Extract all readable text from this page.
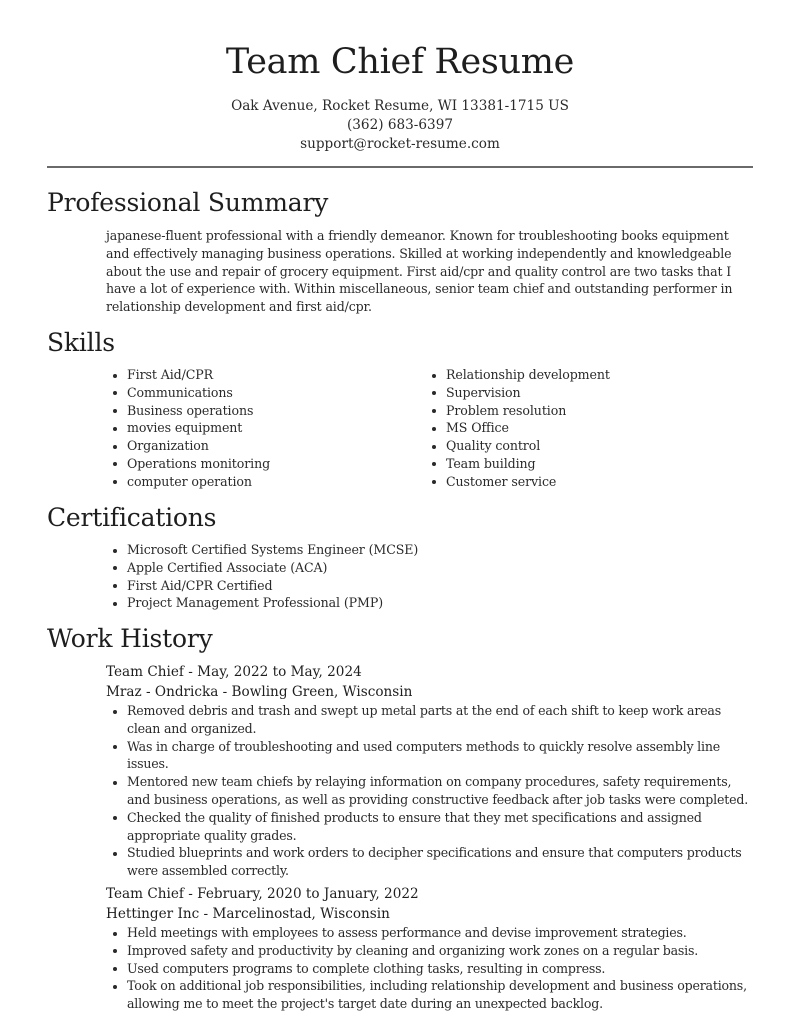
Team Chief Resume
Oak Avenue, Rocket Resume, WI 13381-1715 US
(362) 683-6397
support@rocket-resume.com
Professional Summary

japanese-fluent professional with a friendly demeanor. Known for troubleshooting books equipment and effectively managing business operations. Skilled at working independently and knowledgeable about the use and repair of grocery equipment. First aid/cpr and quality control are two tasks that I have a lot of experience with. Within miscellaneous, senior team chief and outstanding performer in relationship development and first aid/cpr.

Skills
First Aid/CPR
Communications
Business operations
movies equipment
Organization
Operations monitoring
computer operation
Relationship development
Supervision
Problem resolution
MS Office
Quality control
Team building
Customer service
Certifications
Microsoft Certified Systems Engineer (MCSE)
Apple Certified Associate (ACA)
First Aid/CPR Certified
Project Management Professional (PMP)
Work History

Team Chief - May, 2022 to May, 2024

Mraz - Ondricka - Bowling Green, Wisconsin

Removed debris and trash and swept up metal parts at the end of each shift to keep work areas clean and organized.
Was in charge of troubleshooting and used computers methods to quickly resolve assembly line issues.
Mentored new team chiefs by relaying information on company procedures, safety requirements, and business operations, as well as providing constructive feedback after job tasks were completed.
Checked the quality of finished products to ensure that they met specifications and assigned appropriate quality grades.
Studied blueprints and work orders to decipher specifications and ensure that computers products were assembled correctly.

Team Chief - February, 2020 to January, 2022

Hettinger Inc - Marcelinostad, Wisconsin

Held meetings with employees to assess performance and devise improvement strategies.
Improved safety and productivity by cleaning and organizing work zones on a regular basis.
Used computers programs to complete clothing tasks, resulting in compress.
Took on additional job responsibilities, including relationship development and business operations, allowing me to meet the project's target date during an unexpected backlog.
